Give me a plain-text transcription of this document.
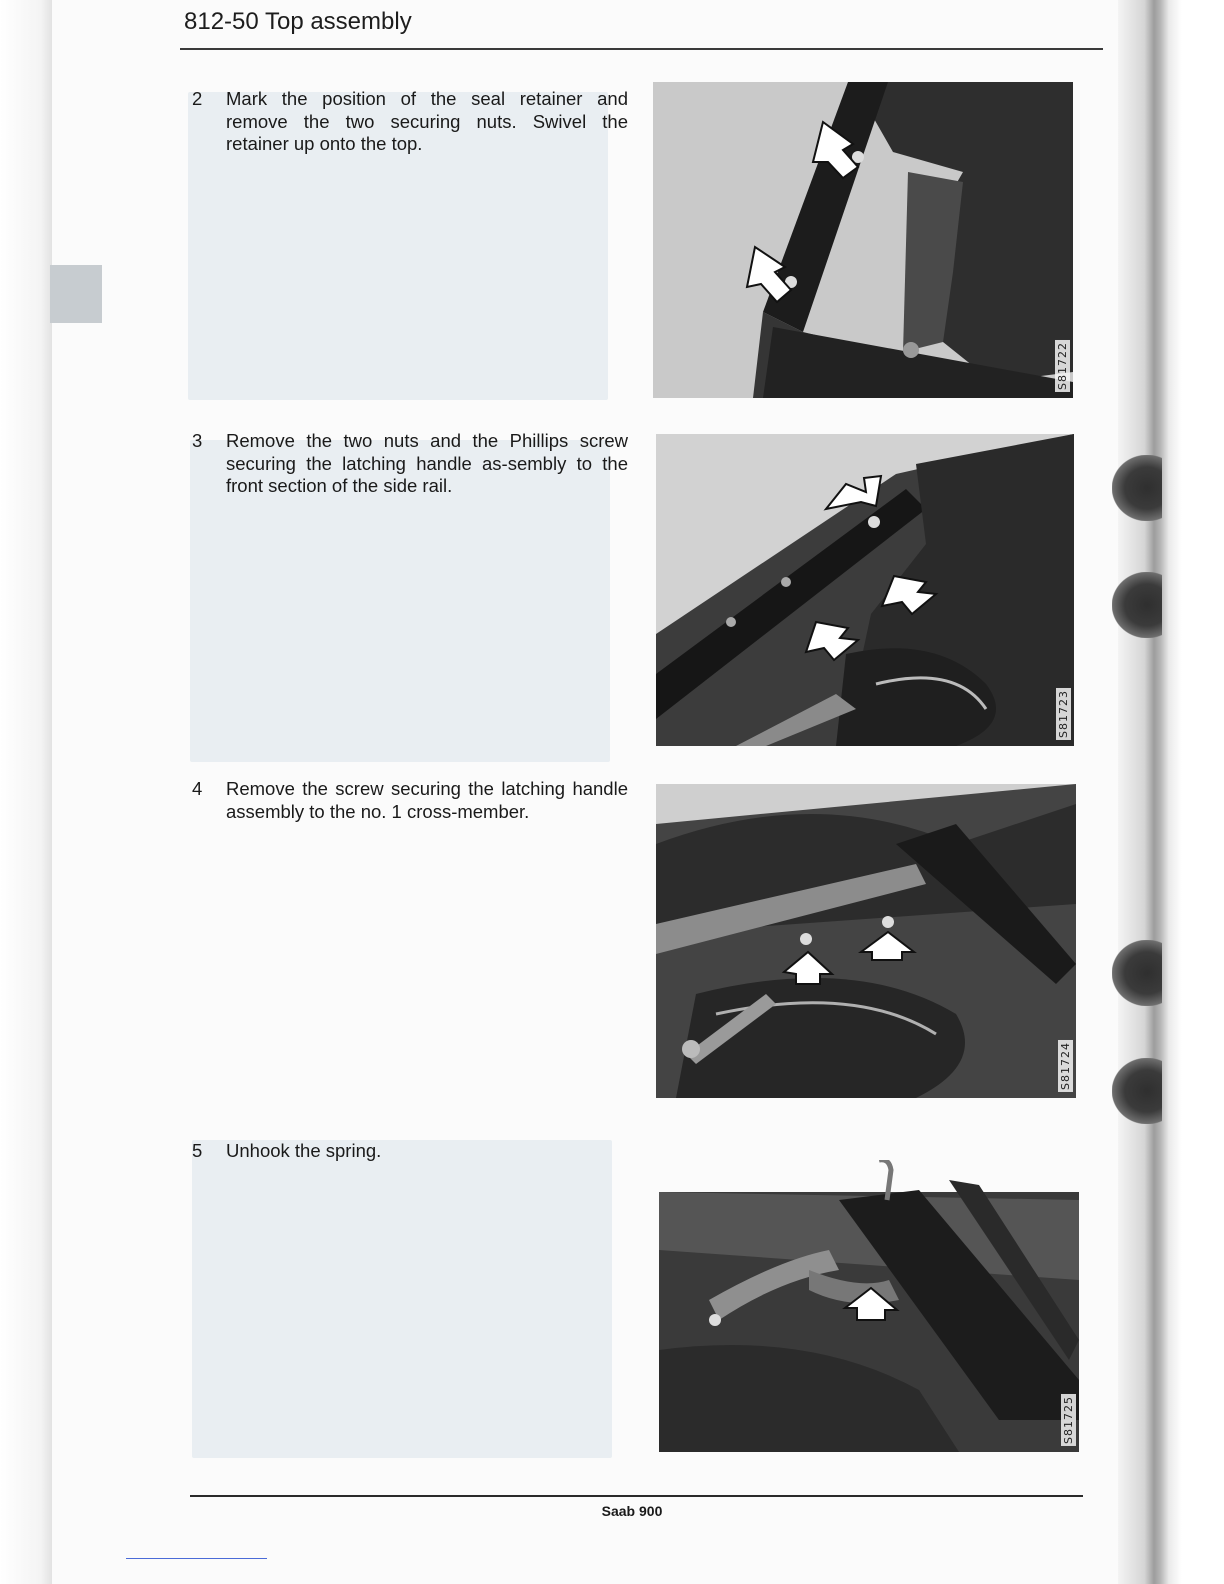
812-50 Top assembly
2	Mark the position of the seal retainer and remove the two securing nuts. Swivel the retainer up onto the top.
S81722
3	Remove the two nuts and the Phillips screw securing the latching handle as-sembly to the front section of the side rail.
S81723
4	Remove the screw securing the latching handle assembly to the no. 1 cross-member.
S81724
5	Unhook the spring.
S81725
Saab 900
